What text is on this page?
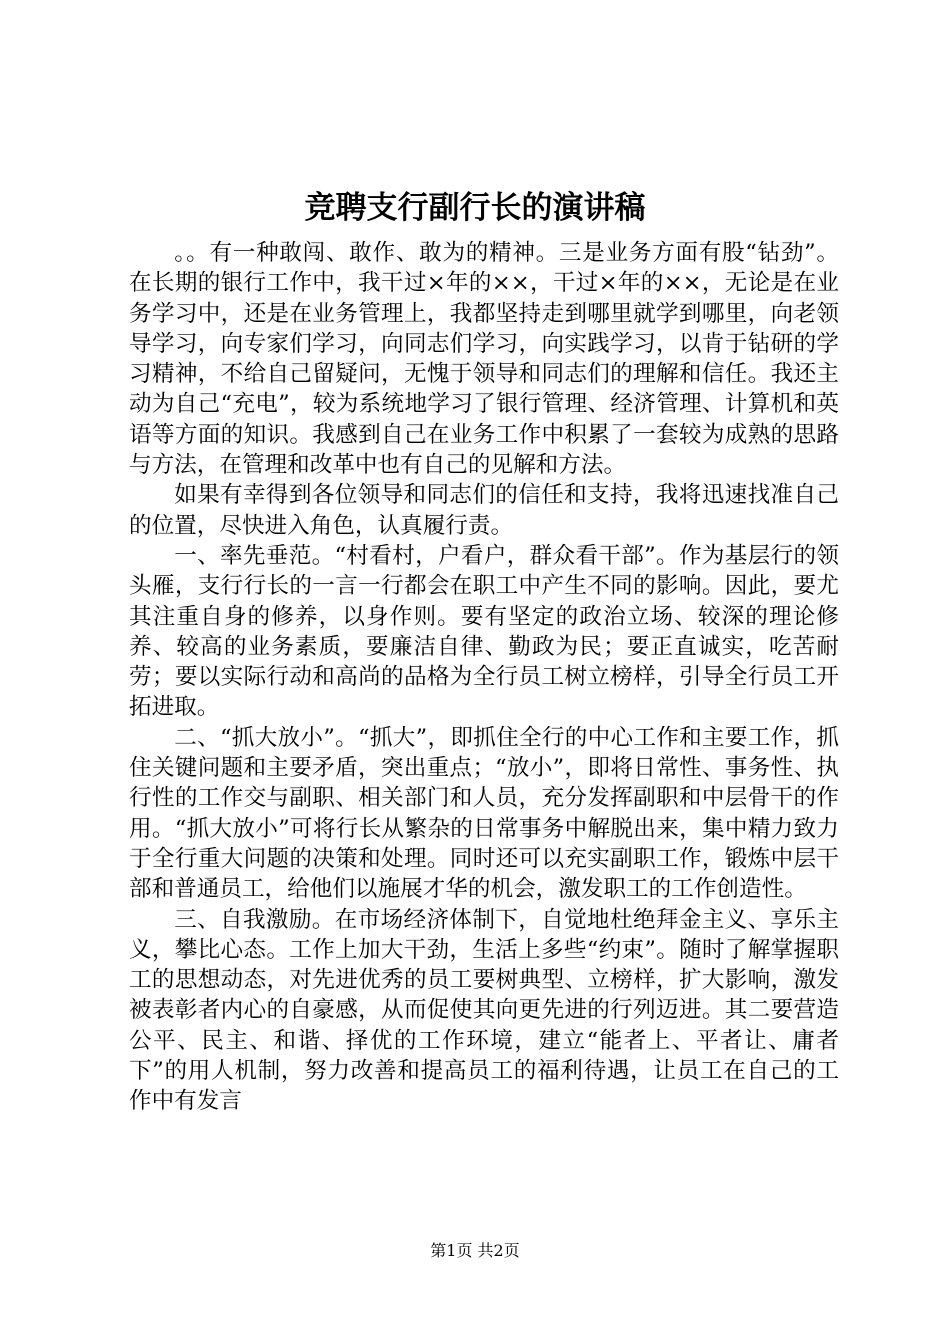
竞聘支行副行长的演讲稿

。。有一种敢闯、敢作、敢为的精神。三是业务方面有股“钻劲”。在长期的银行工作中，我干过×年的××，干过×年的××，无论是在业务学习中，还是在业务管理上，我都坚持走到哪里就学到哪里，向老领导学习，向专家们学习，向同志们学习，向实践学习，以肯于钻研的学习精神，不给自己留疑问，无愧于领导和同志们的理解和信任。我还主动为自己“充电”，较为系统地学习了银行管理、经济管理、计算机和英语等方面的知识。我感到自己在业务工作中积累了一套较为成熟的思路与方法，在管理和改革中也有自己的见解和方法。

如果有幸得到各位领导和同志们的信任和支持，我将迅速找准自己的位置，尽快进入角色，认真履行责。

一、率先垂范。“村看村，户看户，群众看干部”。作为基层行的领头雁，支行行长的一言一行都会在职工中产生不同的影响。因此，要尤其注重自身的修养，以身作则。要有坚定的政治立场、较深的理论修养、较高的业务素质，要廉洁自律、勤政为民；要正直诚实，吃苦耐劳；要以实际行动和高尚的品格为全行员工树立榜样，引导全行员工开拓进取。

二、“抓大放小”。“抓大”，即抓住全行的中心工作和主要工作，抓住关键问题和主要矛盾，突出重点；“放小”，即将日常性、事务性、执行性的工作交与副职、相关部门和人员，充分发挥副职和中层骨干的作用。“抓大放小”可将行长从繁杂的日常事务中解脱出来，集中精力致力于全行重大问题的决策和处理。同时还可以充实副职工作，锻炼中层干部和普通员工，给他们以施展才华的机会，激发职工的工作创造性。

三、自我激励。在市场经济体制下，自觉地杜绝拜金主义、享乐主义，攀比心态。工作上加大干劲，生活上多些“约束”。随时了解掌握职工的思想动态，对先进优秀的员工要树典型、立榜样，扩大影响，激发被表彰者内心的自豪感，从而促使其向更先进的行列迈进。其二要营造公平、民主、和谐、择优的工作环境，建立“能者上、平者让、庸者下”的用人机制，努力改善和提高员工的福利待遇，让员工在自己的工作中有发言

第1页 共2页
